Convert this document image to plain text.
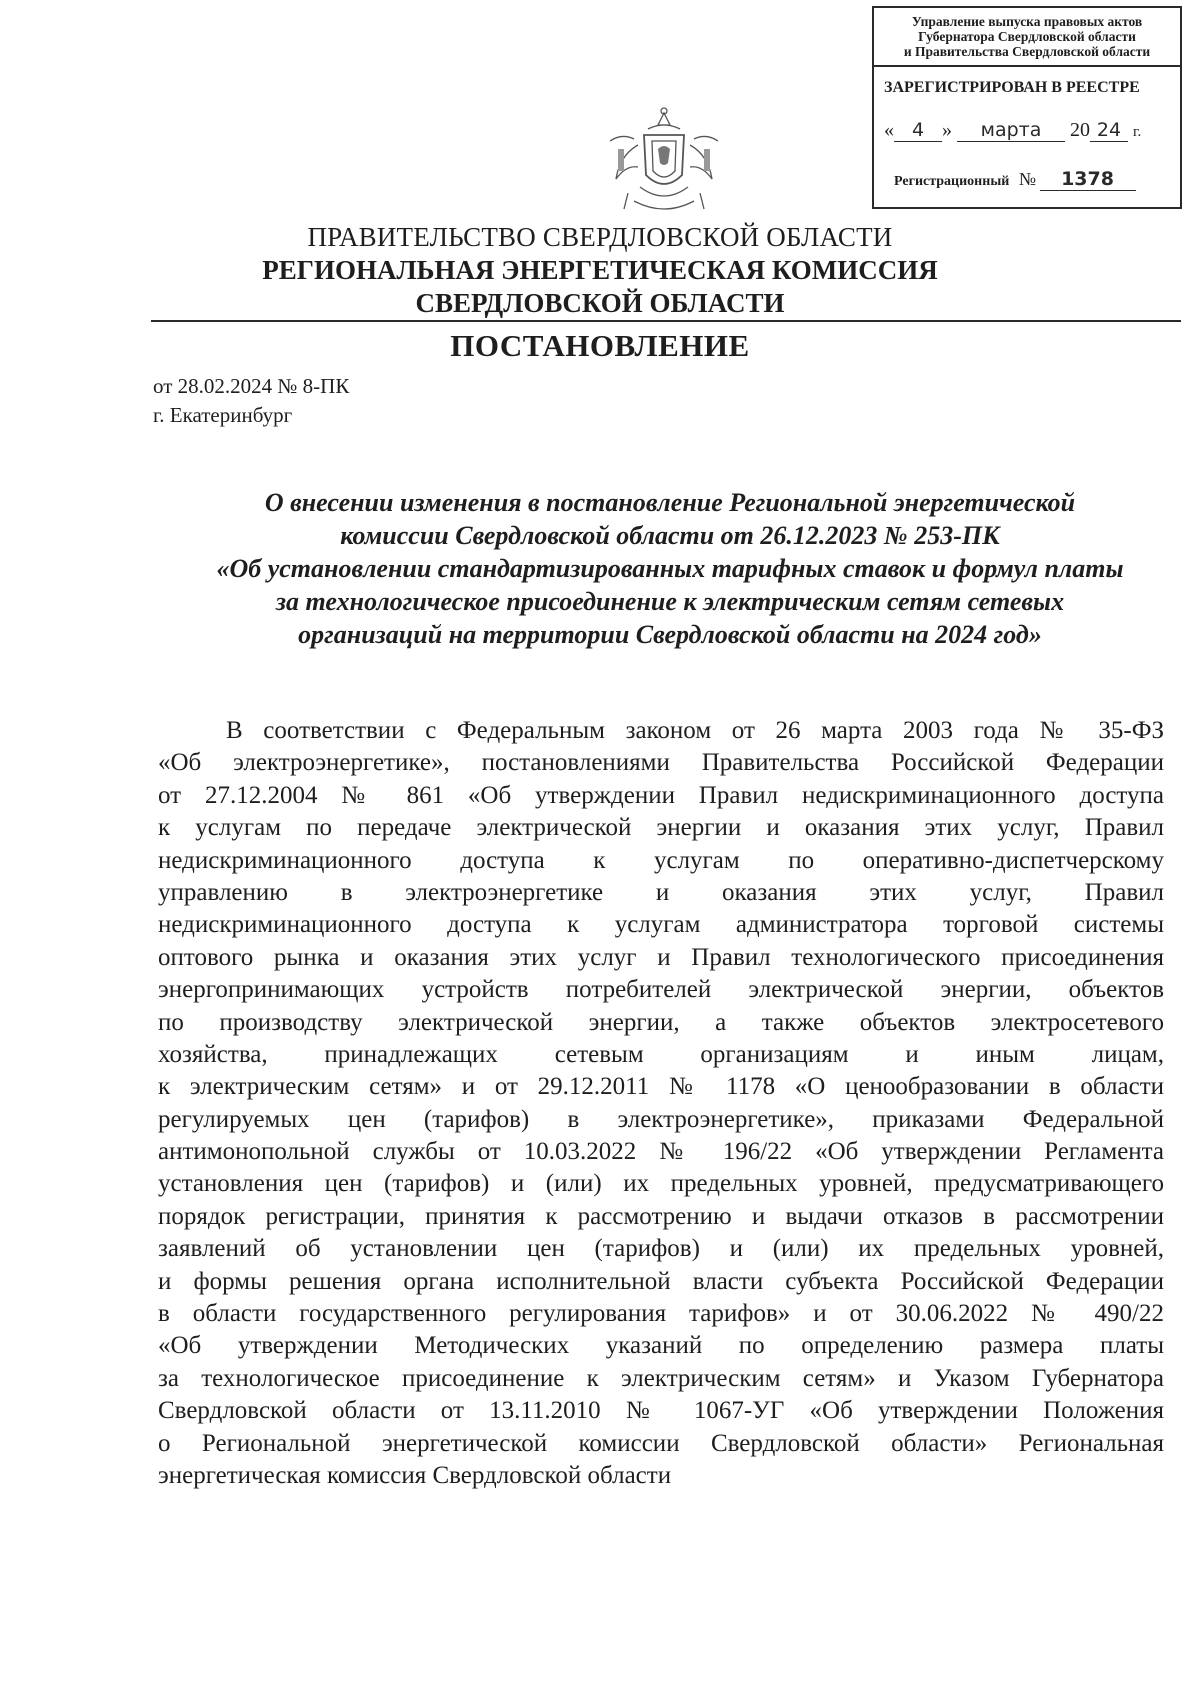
Управление выпуска правовых актов
Губернатора Свердловской области
и Правительства Свердловской области
ЗАРЕГИСТРИРОВАН В РЕЕСТРЕ
« 4 » марта 20 24 г.
Регистрационный № 1378
ПРАВИТЕЛЬСТВО СВЕРДЛОВСКОЙ ОБЛАСТИ
РЕГИОНАЛЬНАЯ ЭНЕРГЕТИЧЕСКАЯ КОМИССИЯ
СВЕРДЛОВСКОЙ ОБЛАСТИ
ПОСТАНОВЛЕНИЕ
от 28.02.2024 № 8-ПК
г. Екатеринбург
О внесении изменения в постановление Региональной энергетической
комиссии Свердловской области от 26.12.2023 № 253-ПК
«Об установлении стандартизированных тарифных ставок и формул платы
за технологическое присоединение к электрическим сетям сетевых
организаций на территории Свердловской области на 2024 год»
В соответствии с Федеральным законом от 26 марта 2003 года № 35-ФЗ
«Об электроэнергетике», постановлениями Правительства Российской Федерации
от 27.12.2004 № 861 «Об утверждении Правил недискриминационного доступа
к услугам по передаче электрической энергии и оказания этих услуг, Правил
недискриминационного доступа к услугам по оперативно-диспетчерскому
управлению в электроэнергетике и оказания этих услуг, Правил
недискриминационного доступа к услугам администратора торговой системы
оптового рынка и оказания этих услуг и Правил технологического присоединения
энергопринимающих устройств потребителей электрической энергии, объектов
по производству электрической энергии, а также объектов электросетевого
хозяйства, принадлежащих сетевым организациям и иным лицам,
к электрическим сетям» и от 29.12.2011 № 1178 «О ценообразовании в области
регулируемых цен (тарифов) в электроэнергетике», приказами Федеральной
антимонопольной службы от 10.03.2022 № 196/22 «Об утверждении Регламента
установления цен (тарифов) и (или) их предельных уровней, предусматривающего
порядок регистрации, принятия к рассмотрению и выдачи отказов в рассмотрении
заявлений об установлении цен (тарифов) и (или) их предельных уровней,
и формы решения органа исполнительной власти субъекта Российской Федерации
в области государственного регулирования тарифов» и от 30.06.2022 № 490/22
«Об утверждении Методических указаний по определению размера платы
за технологическое присоединение к электрическим сетям» и Указом Губернатора
Свердловской области от 13.11.2010 № 1067-УГ «Об утверждении Положения
о Региональной энергетической комиссии Свердловской области» Региональная
энергетическая комиссия Свердловской области
